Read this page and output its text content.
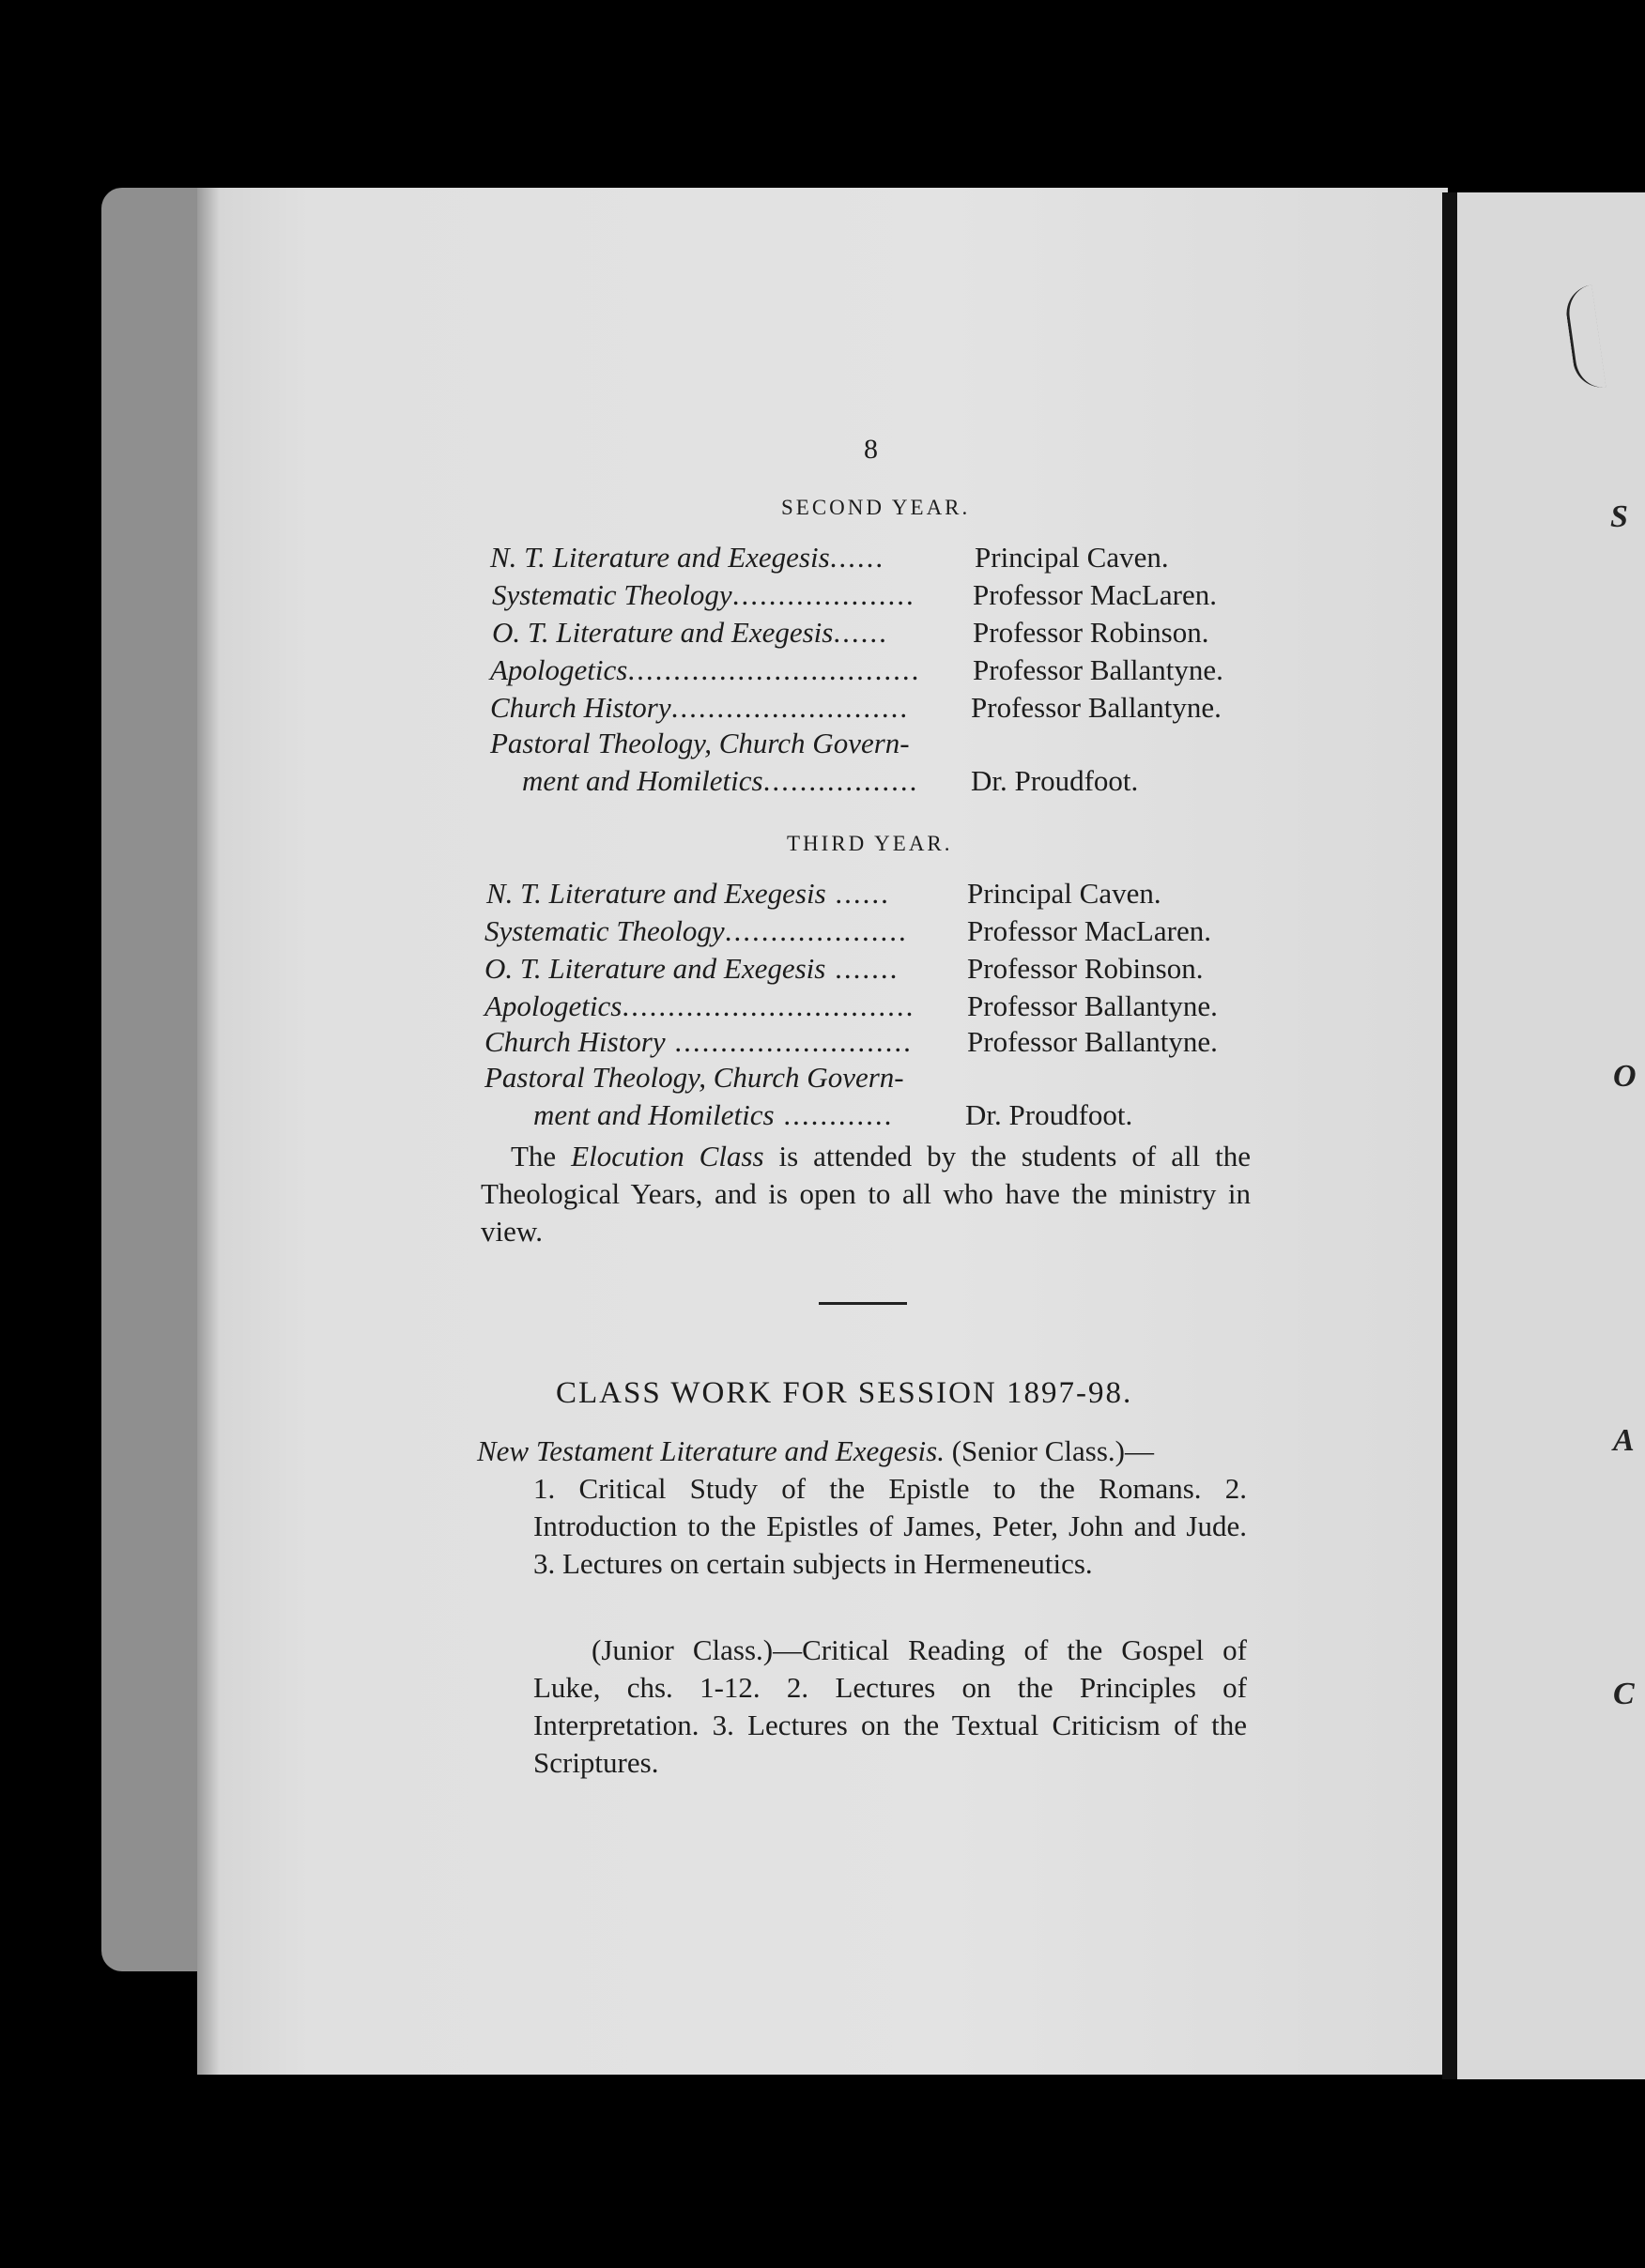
S
O
A
C
8
SECOND YEAR.
N. T. Literature and Exegesis......	Principal Caven.
Systematic Theology.................... Professor MacLaren.
O. T. Literature and Exegesis......	Professor Robinson.
Apologetics................................ Professor Ballantyne.
Church History.......................... Professor Ballantyne.
Pastoral Theology, Church Govern-
ment and Homiletics................. Dr. Proudfoot.
THIRD YEAR.
N. T. Literature and Exegesis ......	Principal Caven.
Systematic Theology.................... Professor MacLaren.
O. T. Literature and Exegesis ....... Professor Robinson.
Apologetics................................ Professor Ballantyne.
Church History .......................... Professor Ballantyne.
Pastoral Theology, Church Govern-
ment and Homiletics ............ Dr. Proudfoot.
The Elocution Class is attended by the students of all the Theological Years, and is open to all who have the ministry in view.
CLASS WORK FOR SESSION 1897-98.
New Testament Literature and Exegesis. (Senior Class.)—
1. Critical Study of the Epistle to the Romans. 2. Introduction to the Epistles of James, Peter, John and Jude. 3. Lectures on certain subjects in Hermeneutics.
(Junior Class.)—Critical Reading of the Gospel of Luke, chs. 1-12. 2. Lectures on the Principles of Interpretation. 3. Lectures on the Textual Criticism of the Scriptures.
